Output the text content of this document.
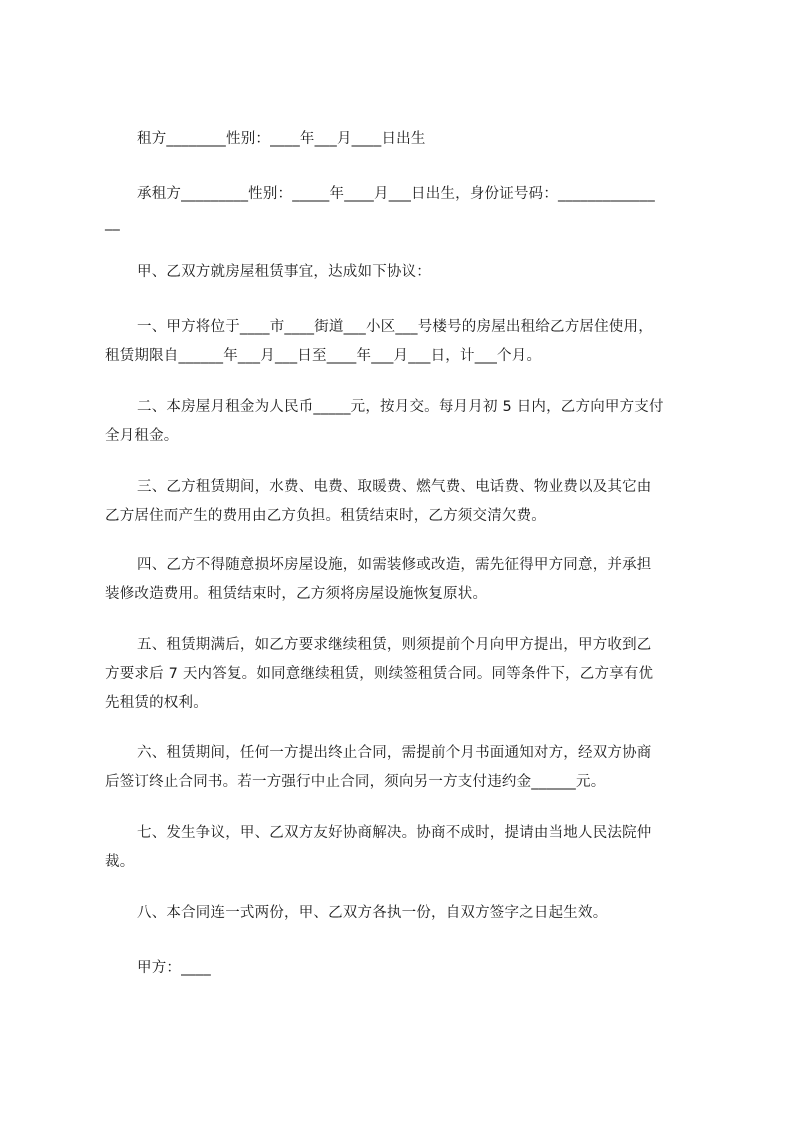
租方________性别：____年___月____日出生
承租方_________性别：_____年____月___日出生，身份证号码：_____________
__
甲、乙双方就房屋租赁事宜，达成如下协议：
一、甲方将位于____市____街道___小区___号楼号的房屋出租给乙方居住使用，
租赁期限自______年___月___日至____年___月___日，计___个月。
二、本房屋月租金为人民币_____元，按月交。每月月初 5 日内，乙方向甲方支付
全月租金。
三、乙方租赁期间，水费、电费、取暖费、燃气费、电话费、物业费以及其它由
乙方居住而产生的费用由乙方负担。租赁结束时，乙方须交清欠费。
四、乙方不得随意损坏房屋设施，如需装修或改造，需先征得甲方同意，并承担
装修改造费用。租赁结束时，乙方须将房屋设施恢复原状。
五、租赁期满后，如乙方要求继续租赁，则须提前个月向甲方提出，甲方收到乙
方要求后 7 天内答复。如同意继续租赁，则续签租赁合同。同等条件下，乙方享有优
先租赁的权利。
六、租赁期间，任何一方提出终止合同，需提前个月书面通知对方，经双方协商
后签订终止合同书。若一方强行中止合同，须向另一方支付违约金______元。
七、发生争议，甲、乙双方友好协商解决。协商不成时，提请由当地人民法院仲
裁。
八、本合同连一式两份，甲、乙双方各执一份，自双方签字之日起生效。
甲方：____
